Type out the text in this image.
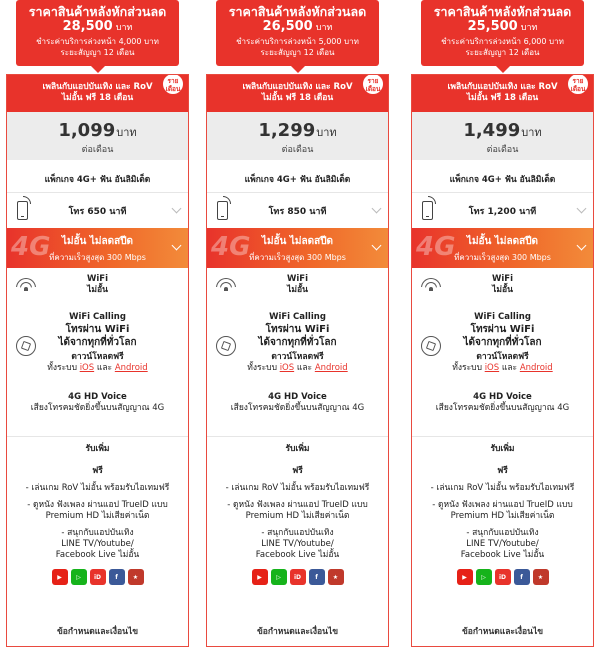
ราคาสินค้าหลังหักส่วนลด
28,500 บาท
ชำระค่าบริการล่วงหน้า 4,000 บาท
ระยะสัญญา 12 เดือน
เพลินกับแอปบันเทิง และ RoV
ไม่อั้น ฟรี 18 เดือน
ราย
เดือน
1,099บาท
ต่อเดือน
แพ็กเกจ 4G+ ฟัน อันลิมิเต็ด
โทร 650 นาที
4G	ไม่อั้น ไม่ลดสปีด
ที่ความเร็วสูงสุด 300 Mbps
WiFi
ไม่อั้น
WiFi Calling
โทรผ่าน WiFi
ได้จากทุกที่ทั่วโลก
ดาวน์โหลดฟรี
ทั้งระบบ iOS และ Android
4G HD Voice
เสียงโทรคมชัดยิ่งขึ้นบนสัญญาณ 4G
รับเพิ่ม
ฟรี
- เล่นเกม RoV ไม่อั้น พร้อมรับไอเทมฟรี
- ดูหนัง ฟังเพลง ผ่านแอป TrueID แบบ
Premium HD ไม่เสียค่าเน็ต
- สนุกกับแอปบันเทิง
LINE TV/Youtube/
Facebook Live ไม่อั้น
▶	▷	iD	f	★
ข้อกำหนดและเงื่อนไข
ราคาสินค้าหลังหักส่วนลด
26,500 บาท
ชำระค่าบริการล่วงหน้า 5,000 บาท
ระยะสัญญา 12 เดือน
เพลินกับแอปบันเทิง และ RoV
ไม่อั้น ฟรี 18 เดือน
ราย
เดือน
1,299บาท
ต่อเดือน
แพ็กเกจ 4G+ ฟัน อันลิมิเต็ด
โทร 850 นาที
4G	ไม่อั้น ไม่ลดสปีด
ที่ความเร็วสูงสุด 300 Mbps
WiFi
ไม่อั้น
WiFi Calling
โทรผ่าน WiFi
ได้จากทุกที่ทั่วโลก
ดาวน์โหลดฟรี
ทั้งระบบ iOS และ Android
4G HD Voice
เสียงโทรคมชัดยิ่งขึ้นบนสัญญาณ 4G
รับเพิ่ม
ฟรี
- เล่นเกม RoV ไม่อั้น พร้อมรับไอเทมฟรี
- ดูหนัง ฟังเพลง ผ่านแอป TrueID แบบ
Premium HD ไม่เสียค่าเน็ต
- สนุกกับแอปบันเทิง
LINE TV/Youtube/
Facebook Live ไม่อั้น
▶	▷	iD	f	★
ข้อกำหนดและเงื่อนไข
ราคาสินค้าหลังหักส่วนลด
25,500 บาท
ชำระค่าบริการล่วงหน้า 6,000 บาท
ระยะสัญญา 12 เดือน
เพลินกับแอปบันเทิง และ RoV
ไม่อั้น ฟรี 18 เดือน
ราย
เดือน
1,499บาท
ต่อเดือน
แพ็กเกจ 4G+ ฟัน อันลิมิเต็ด
โทร 1,200 นาที
4G	ไม่อั้น ไม่ลดสปีด
ที่ความเร็วสูงสุด 300 Mbps
WiFi
ไม่อั้น
WiFi Calling
โทรผ่าน WiFi
ได้จากทุกที่ทั่วโลก
ดาวน์โหลดฟรี
ทั้งระบบ iOS และ Android
4G HD Voice
เสียงโทรคมชัดยิ่งขึ้นบนสัญญาณ 4G
รับเพิ่ม
ฟรี
- เล่นเกม RoV ไม่อั้น พร้อมรับไอเทมฟรี
- ดูหนัง ฟังเพลง ผ่านแอป TrueID แบบ
Premium HD ไม่เสียค่าเน็ต
- สนุกกับแอปบันเทิง
LINE TV/Youtube/
Facebook Live ไม่อั้น
▶	▷	iD	f	★
ข้อกำหนดและเงื่อนไข
